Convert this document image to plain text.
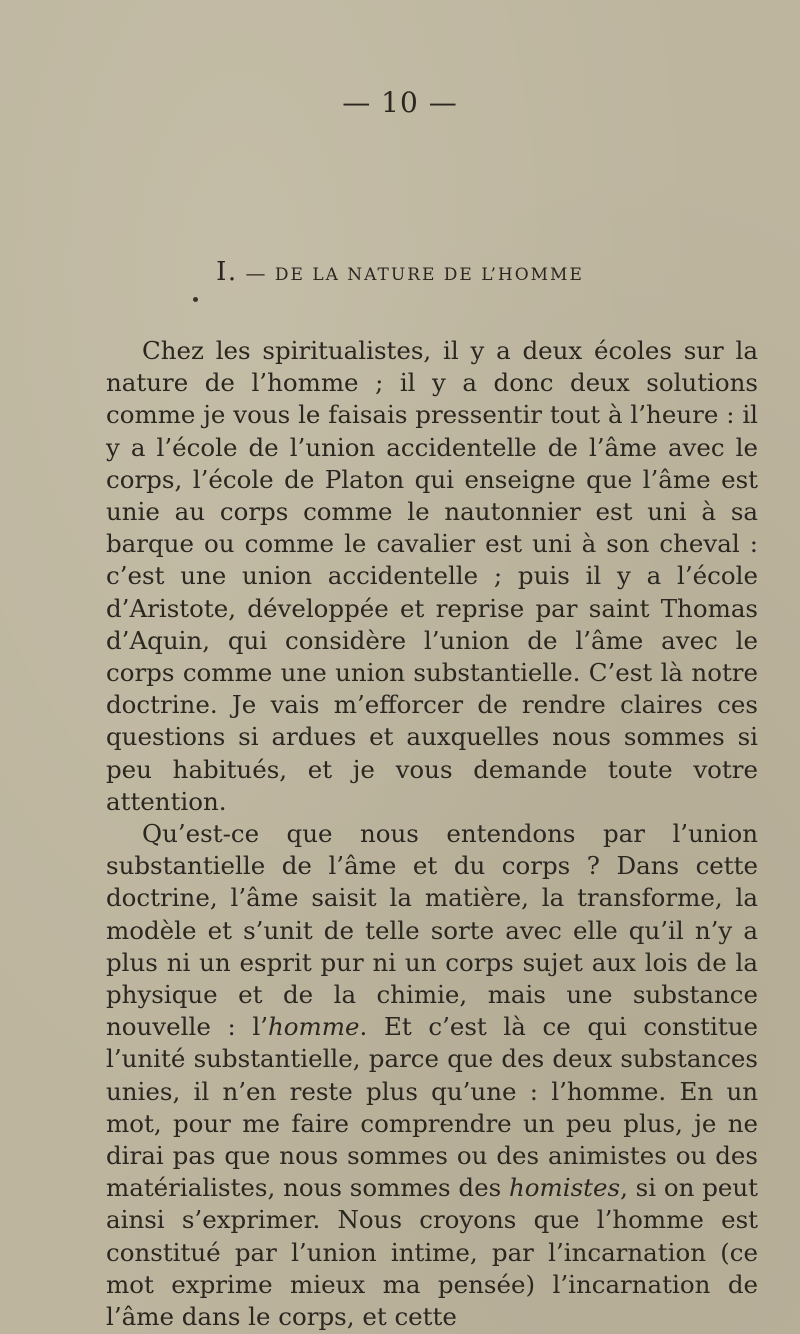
— 10 —
I. — DE LA NATURE DE L’HOMME

Chez les spiritualistes, il y a deux écoles sur la nature de l’homme ; il y a donc deux solutions comme je vous le faisais pressentir tout à l’heure : il y a l’école de l’union accidentelle de l’âme avec le corps, l’école de Platon qui enseigne que l’âme est unie au corps comme le nautonnier est uni à sa barque ou comme le cavalier est uni à son cheval : c’est une union accidentelle ; puis il y a l’école d’Aristote, développée et reprise par saint Thomas d’Aquin, qui considère l’union de l’âme avec le corps comme une union substantielle. C’est là notre doctrine. Je vais m’efforcer de rendre claires ces questions si ardues et auxquelles nous sommes si peu habitués, et je vous demande toute votre attention.

Qu’est-ce que nous entendons par l’union substantielle de l’âme et du corps ? Dans cette doctrine, l’âme saisit la matière, la transforme, la modèle et s’unit de telle sorte avec elle qu’il n’y a plus ni un esprit pur ni un corps sujet aux lois de la physique et de la chimie, mais une substance nouvelle : l’homme. Et c’est là ce qui constitue l’unité substantielle, parce que des deux substances unies, il n’en reste plus qu’une : l’homme. En un mot, pour me faire comprendre un peu plus, je ne dirai pas que nous sommes ou des animistes ou des matérialistes, nous sommes des homistes, si on peut ainsi s’exprimer. Nous croyons que l’homme est constitué par l’union intime, par l’incarnation (ce mot exprime mieux ma pensée) l’incarnation de l’âme dans le corps, et cette
